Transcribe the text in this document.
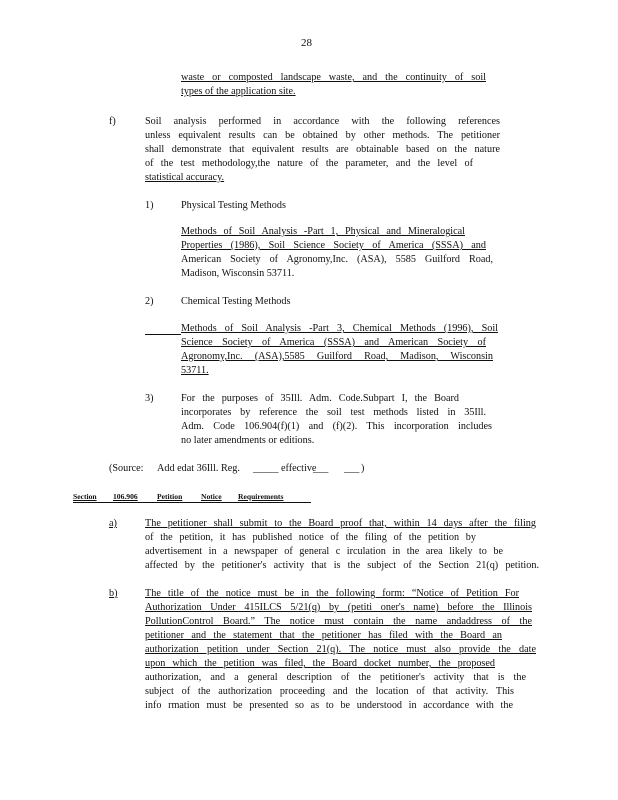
28
waste or composted landscape waste, and the continuity of soil
types of the application site.
f)	Soil analysis performed in accordance with the following references
unless equivalent results can be obtained by other methods. The petitioner
shall demonstrate that equivalent results are obtainable based on the nature
of the test methodology,the nature of the parameter, and the level of
statistical accuracy.
1)	Physical Testing Methods
Methods of Soil Analysis -Part 1, Physical and Mineralogical
Properties (1986), Soil Science Society of America (SSSA) and
American Society of Agronomy,Inc. (ASA), 5585 Guilford Road,
Madison, Wisconsin 53711.
2)	Chemical Testing Methods
Methods of Soil Analysis -Part 3, Chemical Methods (1996), Soil
Science Society of America (SSSA) and American Society of
Agronomy,Inc. (ASA),5585 Guilford Road, Madison, Wisconsin
53711.
3)	For the purposes of 35Ill. Adm. Code.Subpart I, the Board
incorporates by reference the soil test methods listed in 35Ill.
Adm. Code 106.904(f)(1) and (f)(2). This incorporation includes
no later amendments or editions.
(Source: Add edat 36Ill. Reg. _____ effective
___ ___ )
Section 106.906	Petition Notice Requirements
a)	The petitioner shall submit to the Board proof that, within 14 days after the filing
of the petition, it has published notice of the filing of the petition by
advertisement in a newspaper of general c irculation in the area likely to be
affected by the petitioner's activity that is the subject of the Section 21(q) petition.
b)	The title of the notice must be in the following form: “Notice of Petition For
Authorization Under 415ILCS 5/21(q) by (petiti oner's name) before the Illinois
PollutionControl Board.” The notice must contain the name andaddress of the
petitioner and the statement that the petitioner has filed with the Board an
authorization petition under Section 21(q). The notice must also provide the date
upon which the petition was filed, the Board docket number, the proposed
authorization, and a general description of the petitioner's activity that is the
subject of the authorization proceeding and the location of that activity. This
info rmation must be presented so as to be understood in accordance with the
